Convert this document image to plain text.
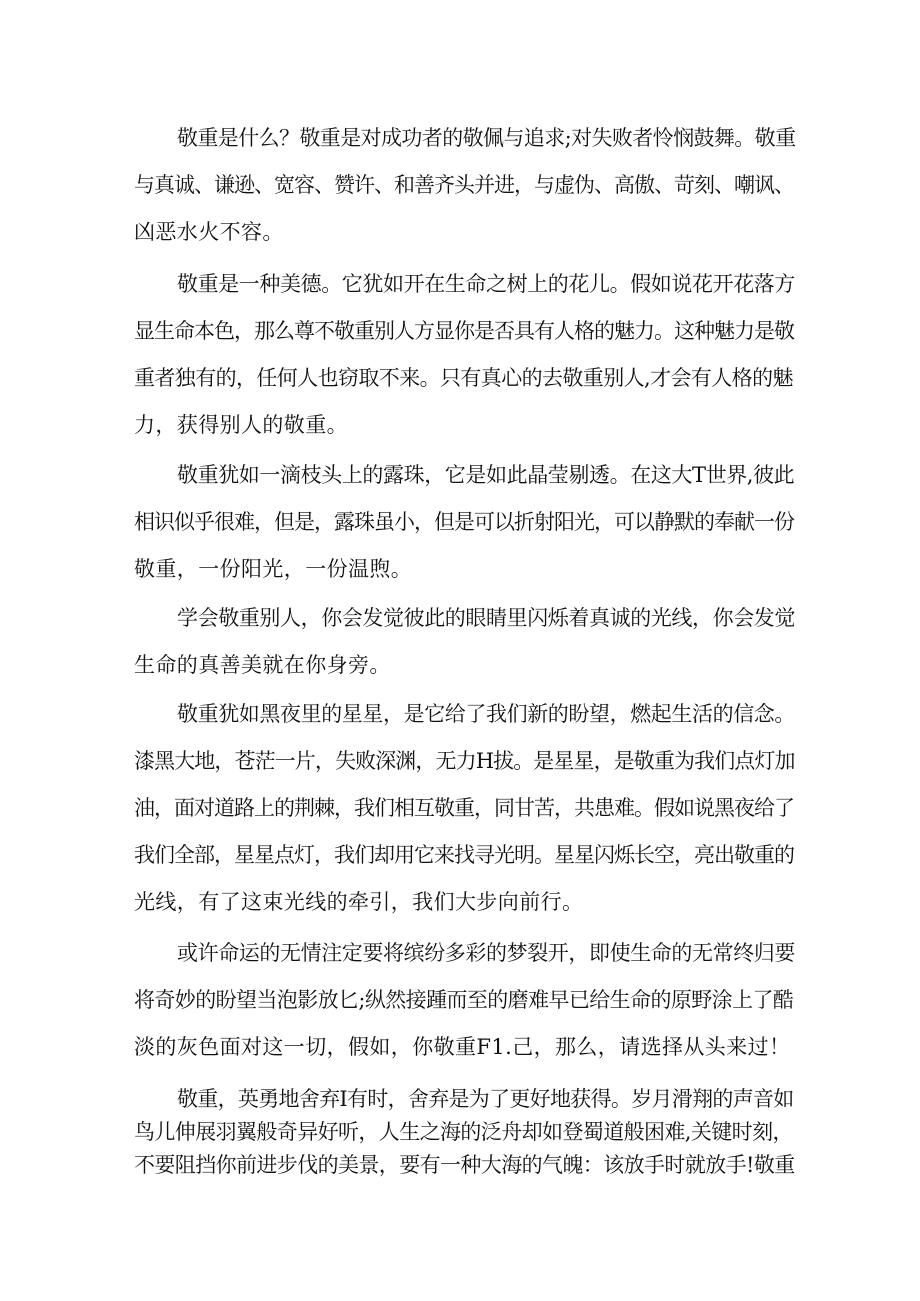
敬重是什么？敬重是对成功者的敬佩与追求;对失败者怜悯鼓舞。敬重
与真诚、谦逊、宽容、赞许、和善齐头并进，与虚伪、高傲、苛刻、嘲讽、
凶恶水火不容。
敬重是一种美德。它犹如开在生命之树上的花儿。假如说花开花落方
显生命本色，那么尊不敬重别人方显你是否具有人格的魅力。这种魅力是敬
重者独有的，任何人也窃取不来。只有真心的去敬重别人,才会有人格的魅
力，获得别人的敬重。
敬重犹如一滴枝头上的露珠，它是如此晶莹剔透。在这大T世界,彼此
相识似乎很难，但是，露珠虽小，但是可以折射阳光，可以静默的奉献一份
敬重，一份阳光，一份温煦。
学会敬重别人，你会发觉彼此的眼睛里闪烁着真诚的光线，你会发觉
生命的真善美就在你身旁。
敬重犹如黑夜里的星星，是它给了我们新的盼望，燃起生活的信念。
漆黑大地，苍茫一片，失败深渊，无力H拔。是星星，是敬重为我们点灯加
油，面对道路上的荆棘，我们相互敬重，同甘苦，共患难。假如说黑夜给了
我们全部，星星点灯，我们却用它来找寻光明。星星闪烁长空，亮出敬重的
光线，有了这束光线的牵引，我们大步向前行。
或许命运的无情注定要将缤纷多彩的梦裂开，即使生命的无常终归要
将奇妙的盼望当泡影放匕;纵然接踵而至的磨难早已给生命的原野涂上了酷
淡的灰色面对这一切，假如，你敬重F1.己，那么，请选择从头来过！
敬重，英勇地舍弃I有时，舍弃是为了更好地获得。岁月滑翔的声音如
鸟儿伸展羽翼般奇异好听，人生之海的泛舟却如登蜀道般困难,关键时刻，
不要阻挡你前进步伐的美景，要有一种大海的气魄：该放手时就放手!敬重
